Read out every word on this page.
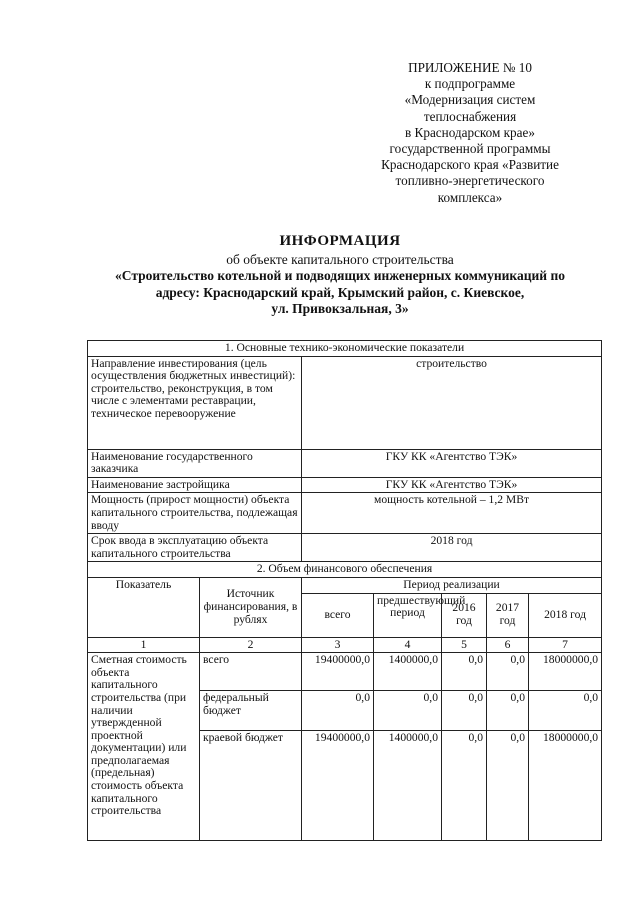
ПРИЛОЖЕНИЕ № 10
к подпрограмме
«Модернизация систем
теплоснабжения
в Краснодарском крае»
государственной программы
Краснодарского края «Развитие
топливно-энергетического
комплекса»
ИНФОРМАЦИЯ
об объекте капитального строительства
«Строительство котельной и подводящих инженерных коммуникаций по
адресу: Краснодарский край, Крымский район, с. Киевское,
ул. Привокзальная, 3»
1. Основные технико-экономические показатели						
Направление инвестирования (цель осуществления бюджетных инвестиций): строительство, реконструкция, в том числе с элементами реставрации, техническое перевооружение		строительство				
Наименование государственного заказчика		ГКУ КК «Агентство ТЭК»				
Наименование застройщика		ГКУ КК «Агентство ТЭК»				
Мощность (прирост мощности) объекта капитального строительства, подлежащая вводу		мощность котельной – 1,2 МВт				
Срок ввода в эксплуатацию объекта капитального строительства		2018 год				
2. Объем финансового обеспечения						
Показатель	Источник финансирования, в рублях	Период реализации				
		всего	предшествующий период	2016 год	2017 год	2018 год
1	2	3	4	5	6	7
Сметная стоимость объекта капитального строительства (при наличии утвержденной проектной документации) или предполагаемая (предельная) стоимость объекта капитального строительства	всего	19400000,0	1400000,0	0,0	0,0	18000000,0
	федеральный бюджет	0,0	0,0	0,0	0,0	0,0
	краевой бюджет	19400000,0	1400000,0	0,0	0,0	18000000,0
